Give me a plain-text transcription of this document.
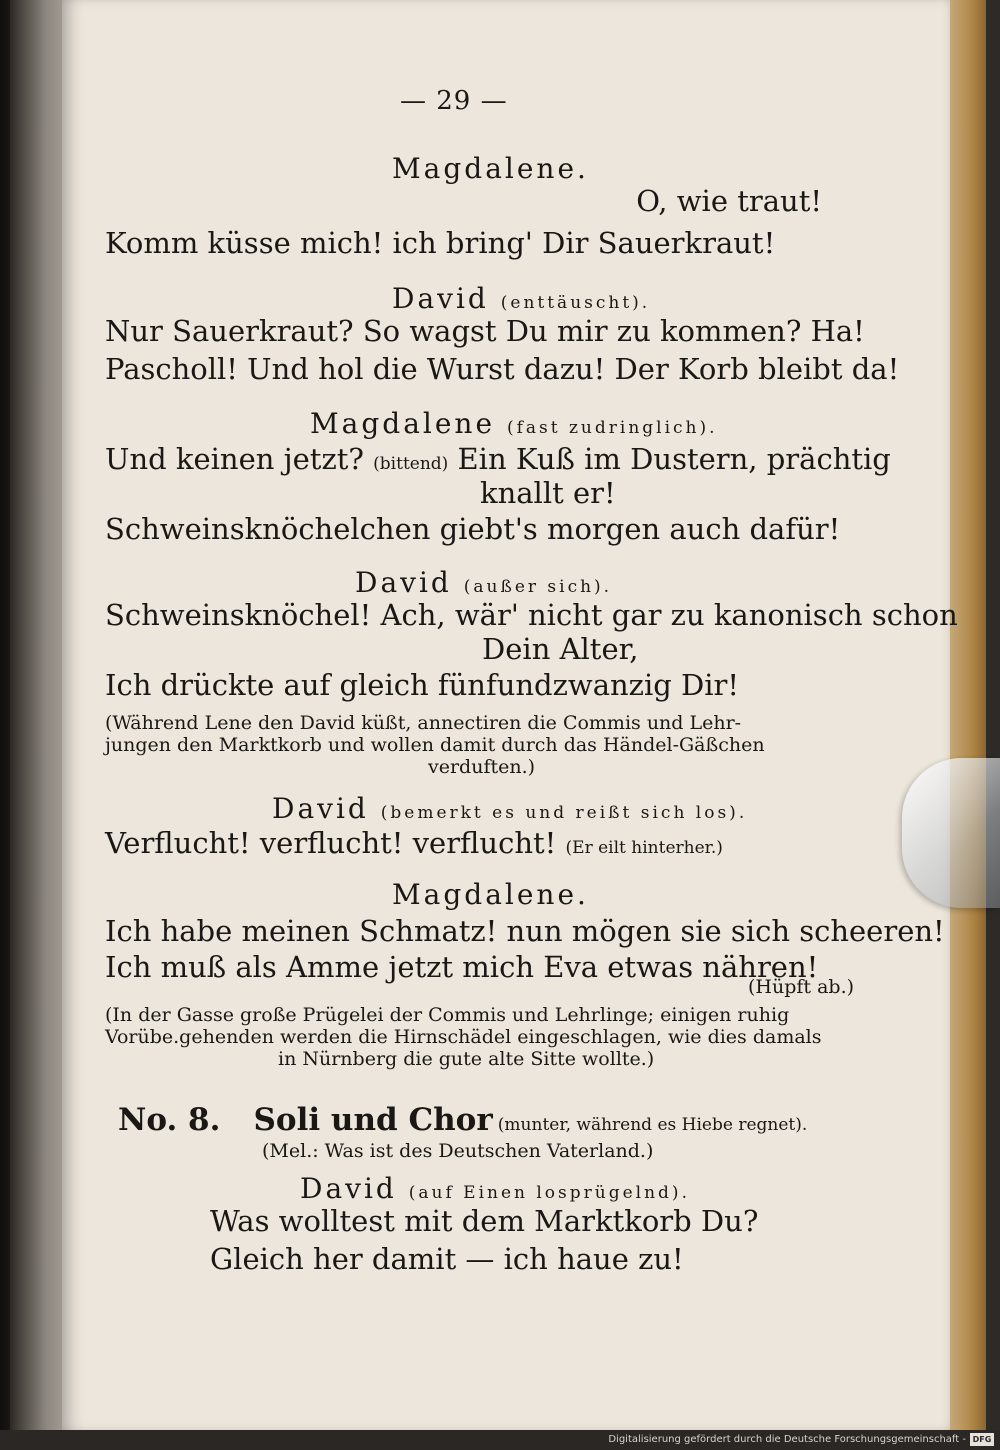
— 29 —

Magdalene.

O, wie traut!

Komm küsse mich! ich bring' Dir Sauerkraut!

David (enttäuscht).

Nur Sauerkraut? So wagst Du mir zu kommen? Ha!

Pascholl! Und hol die Wurst dazu! Der Korb bleibt da!

Magdalene (fast zudringlich).

Und keinen jetzt? (bittend) Ein Kuß im Dustern, prächtig

knallt er!

Schweinsknöchelchen giebt's morgen auch dafür!

David (außer sich).

Schweinsknöchel! Ach, wär' nicht gar zu kanonisch schon

Dein Alter,

Ich drückte auf gleich fünfundzwanzig Dir!

(Während Lene den David küßt, annectiren die Commis und Lehr-

jungen den Marktkorb und wollen damit durch das Händel-Gäßchen

verduften.)

David (bemerkt es und reißt sich los).

Verflucht! verflucht! verflucht! (Er eilt hinterher.)

Magdalene.

Ich habe meinen Schmatz! nun mögen sie sich scheeren!

Ich muß als Amme jetzt mich Eva etwas nähren!

(Hüpft ab.)

(In der Gasse große Prügelei der Commis und Lehrlinge; einigen ruhig

Vorübe.gehenden werden die Hirnschädel eingeschlagen, wie dies damals

in Nürnberg die gute alte Sitte wollte.)

No. 8. Soli und Chor (munter, während es Hiebe regnet).

(Mel.: Was ist des Deutschen Vaterland.)

David (auf Einen losprügelnd).

Was wolltest mit dem Marktkorb Du?

Gleich her damit — ich haue zu!

Digitalisierung gefördert durch die Deutsche Forschungsgemeinschaft - DFG
